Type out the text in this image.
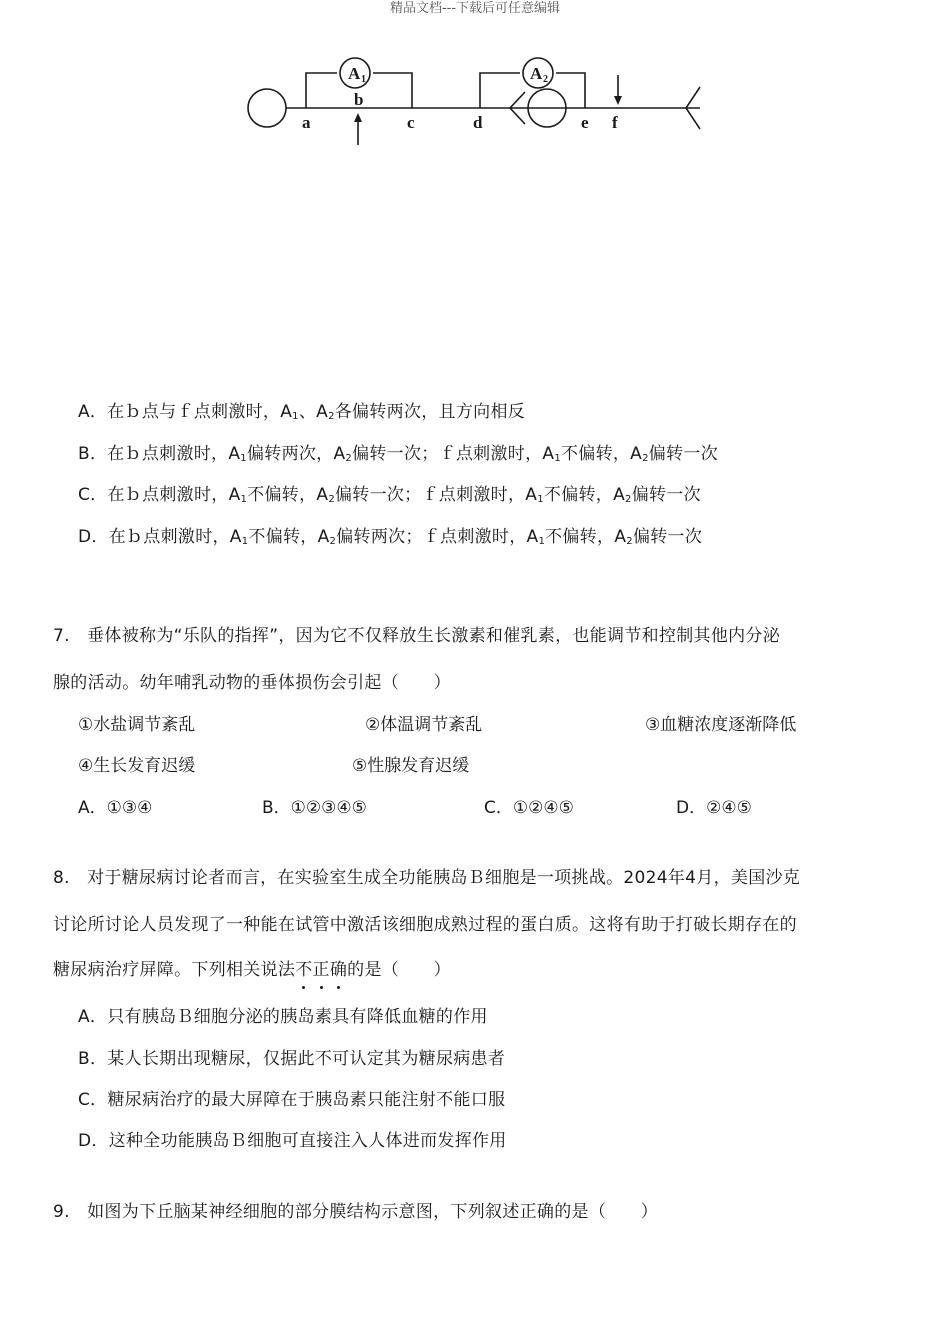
精品文档---下载后可任意编辑
A 1	A 2
a
b
c	d	e f
A．在ｂ点与ｆ点刺激时，$A_1$、$A_2$各偏转两次，且方向相反
B．在ｂ点刺激时，$A_1$偏转两次，$A_2$偏转一次；ｆ点刺激时，$A_1$不偏转，$A_2$偏转一次
C．在ｂ点刺激时，$A_1$不偏转，$A_2$偏转一次；ｆ点刺激时，$A_1$不偏转，$A_2$偏转一次
D．在ｂ点刺激时，$A_1$不偏转，$A_2$偏转两次；ｆ点刺激时，$A_1$不偏转，$A_2$偏转一次
7.　垂体被称为“乐队的指挥”，因为它不仅释放生长激素和催乳素，也能调节和控制其他内分泌
腺的活动。幼年哺乳动物的垂体损伤会引起（　　）
①水盐调节紊乱	②体温调节紊乱	③血糖浓度逐渐降低
④生长发育迟缓	⑤性腺发育迟缓
A．①③④	B．①②③④⑤	C．①②④⑤	D．②④⑤
8.　对于糖尿病讨论者而言，在实验室生成全功能胰岛Ｂ细胞是一项挑战。2024年4月，美国沙克
讨论所讨论人员发现了一种能在试管中激活该细胞成熟过程的蛋白质。这将有助于打破长期存在的
糖尿病治疗屏障。下列相关说法不正确的是（　　）
A．只有胰岛Ｂ细胞分泌的胰岛素具有降低血糖的作用
B．某人长期出现糖尿，仅据此不可认定其为糖尿病患者
C．糖尿病治疗的最大屏障在于胰岛素只能注射不能口服
D．这种全功能胰岛Ｂ细胞可直接注入人体进而发挥作用
9.　如图为下丘脑某神经细胞的部分膜结构示意图，下列叙述正确的是（　　）
